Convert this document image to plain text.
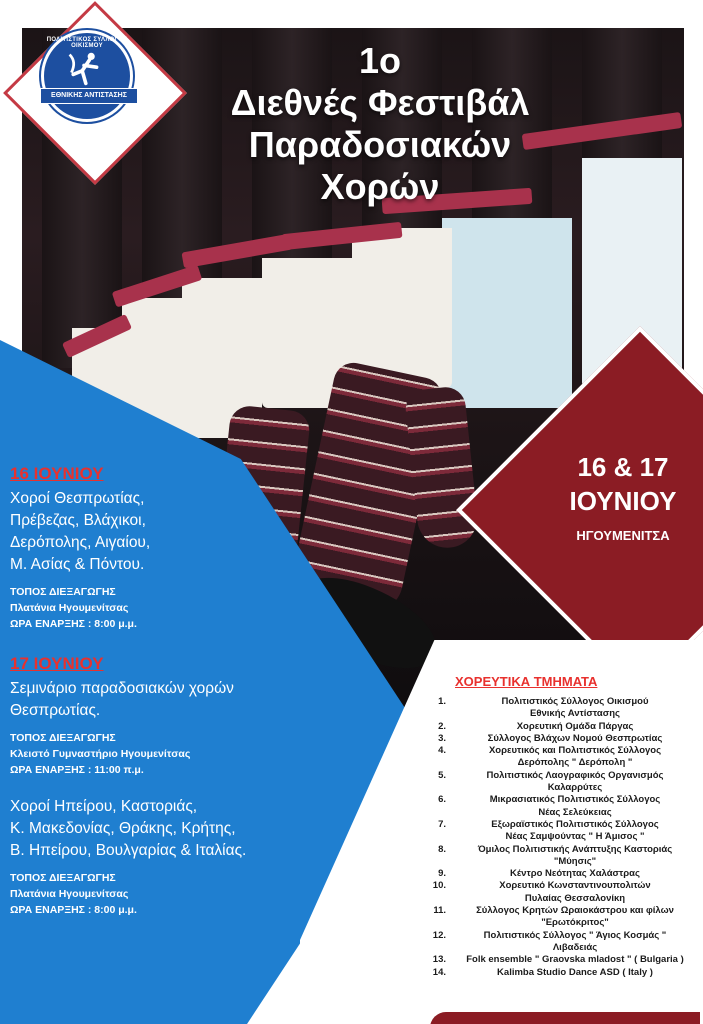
16 & 17
ΙΟΥΝΙΟΥ
ΗΓΟΥΜΕΝΙΤΣΑ
ΠΟΛΙΤΙΣΤΙΚΟΣ ΣΥΛΛΟΓΟΣ ΟΙΚΙΣΜΟΥ
ΕΘΝΙΚΗΣ ΑΝΤΙΣΤΑΣΗΣ
1ο
Διεθνές Φεστιβάλ
Παραδοσιακών
Χορών
16 ΙΟΥΝΙΟΥ
Χοροί Θεσπρωτίας,
Πρέβεζας, Βλάχικοι,
Δερόπολης, Αιγαίου,
Μ. Ασίας & Πόντου.
ΤΟΠΟΣ ΔΙΕΞΑΓΩΓΗΣ
Πλατάνια Ηγουμενίτσας
ΩΡΑ ΕΝΑΡΞΗΣ : 8:00 μ.μ.
17 ΙΟΥΝΙΟΥ
Σεμινάριο παραδοσιακών χορών
Θεσπρωτίας.
ΤΟΠΟΣ ΔΙΕΞΑΓΩΓΗΣ
Κλειστό Γυμναστήριο Ηγουμενίτσας
ΩΡΑ ΕΝΑΡΞΗΣ : 11:00 π.μ.
Χοροί Ηπείρου, Καστοριάς,
Κ. Μακεδονίας, Θράκης, Κρήτης,
Β. Ηπείρου, Βουλγαρίας & Ιταλίας.
ΤΟΠΟΣ ΔΙΕΞΑΓΩΓΗΣ
Πλατάνια Ηγουμενίτσας
ΩΡΑ ΕΝΑΡΞΗΣ : 8:00 μ.μ.
ΧΟΡΕΥΤΙΚΑ ΤΜΗΜΑΤΑ
1.	Πολιτιστικός Σύλλογος Οικισμού
Εθνικής Αντίστασης
2.	Χορευτική Ομάδα Πάργας
3.	Σύλλογος Βλάχων Νομού Θεσπρωτίας
4.	Χορευτικός και Πολιτιστικός Σύλλογος
Δερόπολης " Δερόπολη "
5.	Πολιτιστικός Λαογραφικός Οργανισμός
Καλαρρύτες
6.	Μικρασιατικός Πολιτιστικός Σύλλογος
Νέας Σελεύκειας
7.	Εξωραϊστικός Πολιτιστικός Σύλλογος
Νέας Σαμψούντας " Η Άμισος "
8.	Όμιλος Πολιτιστικής Ανάπτυξης Καστοριάς
"Μύησις"
9.	Κέντρο Νεότητας Χαλάστρας
10.	Χορευτικό Κωνσταντινουπολιτών
Πυλαίας Θεσσαλονίκη
11.	Σύλλογος Κρητών Ωραιοκάστρου και φίλων
"Ερωτόκριτος"
12.	Πολιτιστικός Σύλλογος " Άγιος Κοσμάς "
Λιβαδειάς
13.	Folk ensemble " Graovska mladost " ( Bulgaria )
14.	Kalimba Studio Dance ASD ( Italy )
